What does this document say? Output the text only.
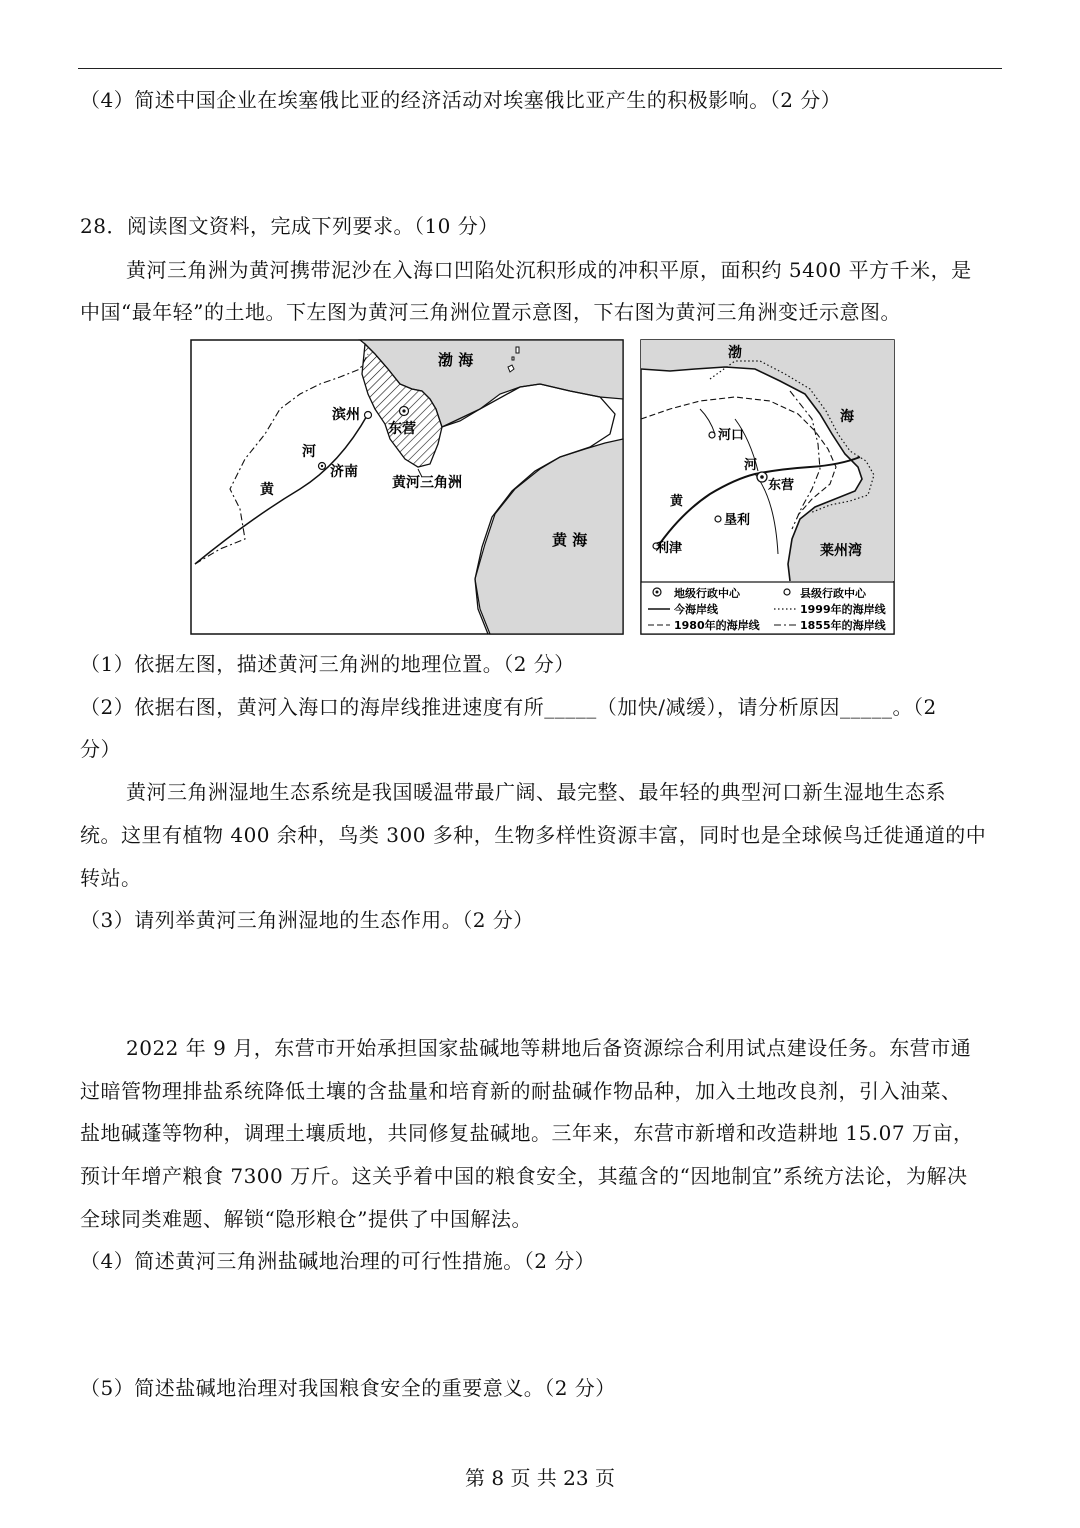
（4）简述中国企业在埃塞俄比亚的经济活动对埃塞俄比亚产生的积极影响。（2 分）
28．阅读图文资料，完成下列要求。（10 分）
黄河三角洲为黄河携带泥沙在入海口凹陷处沉积形成的冲积平原，面积约 5400 平方千米，是
中国“最年轻”的土地。下左图为黄河三角洲位置示意图，下右图为黄河三角洲变迁示意图。
渤 海
滨州
东营
河
济南
黄	黄河三角洲
黄 海
渤
海
河口
河
东营
黄
垦利
利津	莱州湾
地级行政中心	县级行政中心
今海岸线	1999年的海岸线
1980年的海岸线	1855年的海岸线
（1）依据左图，描述黄河三角洲的地理位置。（2 分）
（2）依据右图，黄河入海口的海岸线推进速度有所_____（加快/减缓），请分析原因_____。（2
分）
黄河三角洲湿地生态系统是我国暖温带最广阔、最完整、最年轻的典型河口新生湿地生态系
统。这里有植物 400 余种，鸟类 300 多种，生物多样性资源丰富，同时也是全球候鸟迁徙通道的中
转站。
（3）请列举黄河三角洲湿地的生态作用。（2 分）
2022 年 9 月，东营市开始承担国家盐碱地等耕地后备资源综合利用试点建设任务。东营市通
过暗管物理排盐系统降低土壤的含盐量和培育新的耐盐碱作物品种，加入土地改良剂，引入油菜、
盐地碱蓬等物种，调理土壤质地，共同修复盐碱地。三年来，东营市新增和改造耕地 15.07 万亩，
预计年增产粮食 7300 万斤。这关乎着中国的粮食安全，其蕴含的“因地制宜”系统方法论，为解决
全球同类难题、解锁“隐形粮仓”提供了中国解法。
（4）简述黄河三角洲盐碱地治理的可行性措施。（2 分）
（5）简述盐碱地治理对我国粮食安全的重要意义。（2 分）
第 8 页 共 23 页
